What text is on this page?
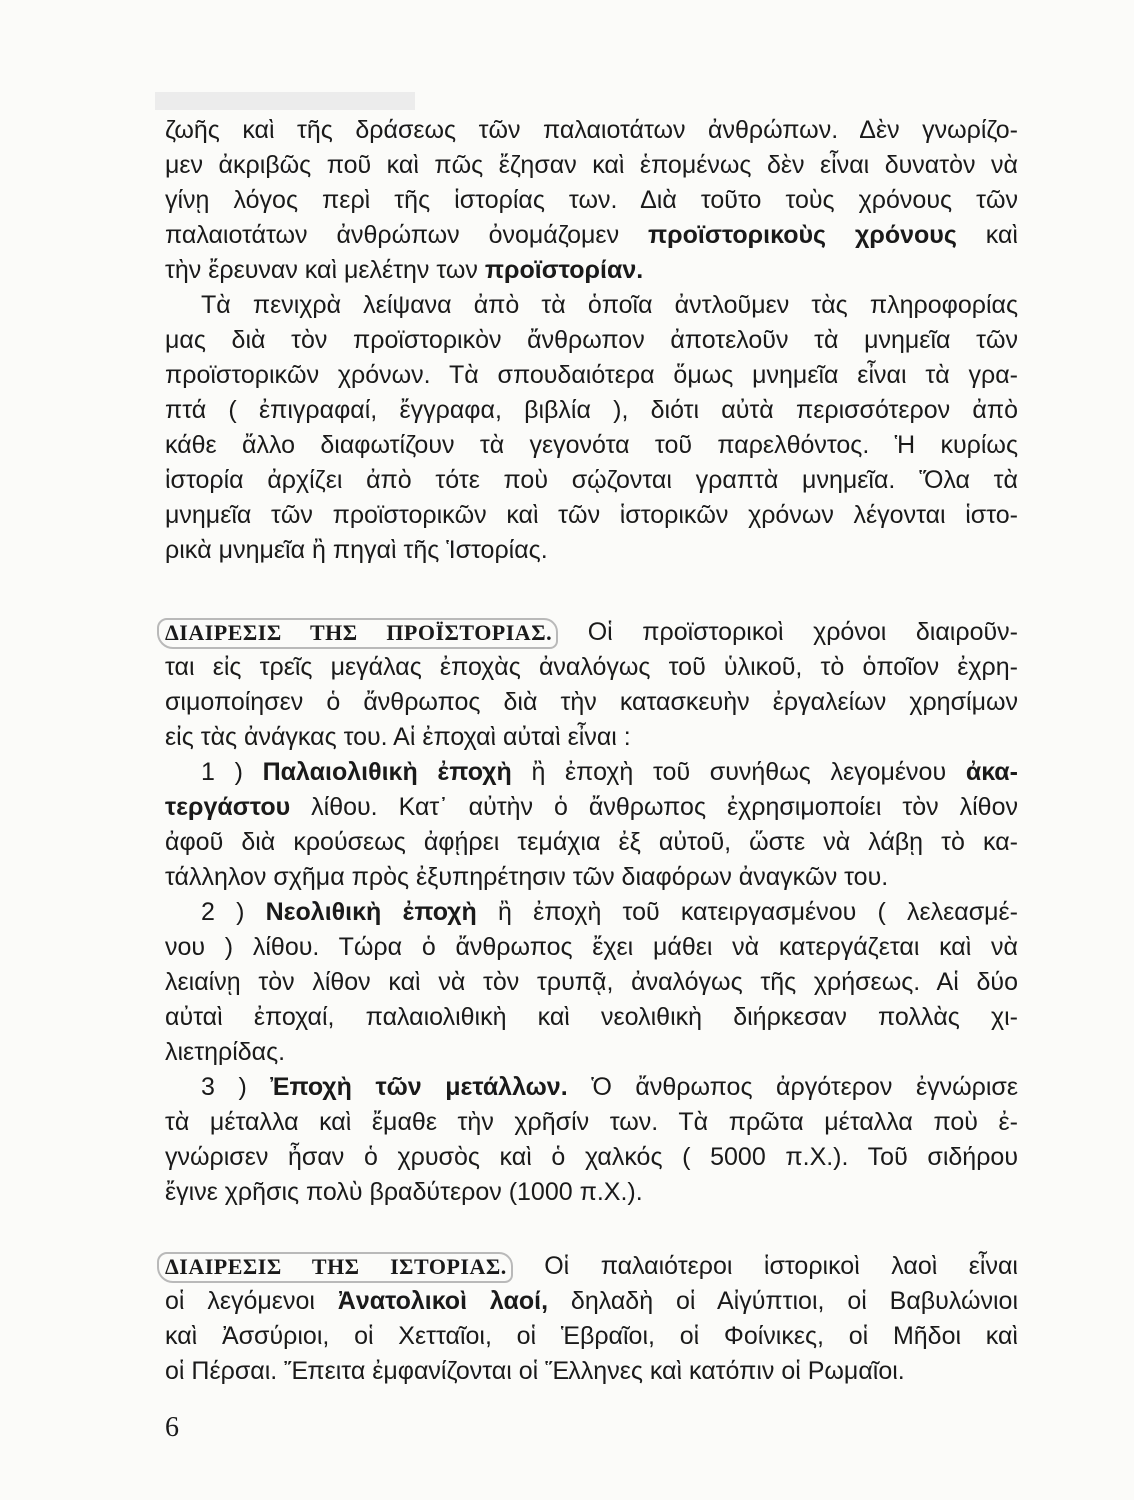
ζωῆς καὶ τῆς δράσεως τῶν παλαιοτάτων ἀνθρώπων. Δὲν γνωρίζο-
μεν ἀκριβῶς ποῦ καὶ πῶς ἔζησαν καὶ ἑπομένως δὲν εἶναι δυνατὸν νὰ
γίνῃ λόγος περὶ τῆς ἱστορίας των. Διὰ τοῦτο τοὺς χρόνους τῶν
παλαιοτάτων ἀνθρώπων ὀνομάζομεν προϊστορικοὺς χρόνους καὶ
τὴν ἔρευναν καὶ μελέτην των προϊστορίαν.
Τὰ πενιχρὰ λείψανα ἀπὸ τὰ ὁποῖα ἀντλοῦμεν τὰς πληροφορίας
μας διὰ τὸν προϊστορικὸν ἄνθρωπον ἀποτελοῦν τὰ μνημεῖα τῶν
προϊστορικῶν χρόνων. Τὰ σπουδαιότερα ὅμως μνημεῖα εἶναι τὰ γρα-
πτά ( ἐπιγραφαί, ἔγγραφα, βιβλία ), διότι αὐτὰ περισσότερον ἀπὸ
κάθε ἄλλο διαφωτίζουν τὰ γεγονότα τοῦ παρελθόντος. Ἡ κυρίως
ἱστορία ἀρχίζει ἀπὸ τότε ποὺ σῴζονται γραπτὰ μνημεῖα. Ὅλα τὰ
μνημεῖα τῶν προϊστορικῶν καὶ τῶν ἱστορικῶν χρόνων λέγονται ἱστο-
ρικὰ μνημεῖα ἢ πηγαὶ τῆς Ἱστορίας.
ΔΙΑΙΡΕΣΙΣ ΤΗΣ ΠΡΟΪΣΤΟΡΙΑΣ. Οἱ προϊστορικοὶ χρόνοι διαιροῦν-
ται εἰς τρεῖς μεγάλας ἐποχὰς ἀναλόγως τοῦ ὑλικοῦ, τὸ ὁποῖον ἐχρη-
σιμοποίησεν ὁ ἄνθρωπος διὰ τὴν κατασκευὴν ἐργαλείων χρησίμων
εἰς τὰς ἀνάγκας του. Αἱ ἐποχαὶ αὐταὶ εἶναι :
1 ) Παλαιολιθικὴ ἐποχὴ ἢ ἐποχὴ τοῦ συνήθως λεγομένου ἀκα-
τεργάστου λίθου. Κατ᾽ αὐτὴν ὁ ἄνθρωπος ἐχρησιμοποίει τὸν λίθον
ἀφοῦ διὰ κρούσεως ἀφῄρει τεμάχια ἐξ αὐτοῦ, ὥστε νὰ λάβῃ τὸ κα-
τάλληλον σχῆμα πρὸς ἐξυπηρέτησιν τῶν διαφόρων ἀναγκῶν του.
2 ) Νεολιθικὴ ἐποχὴ ἢ ἐποχὴ τοῦ κατειργασμένου ( λελεασμέ-
νου ) λίθου. Τώρα ὁ ἄνθρωπος ἔχει μάθει νὰ κατεργάζεται καὶ νὰ
λειαίνῃ τὸν λίθον καὶ νὰ τὸν τρυπᾷ, ἀναλόγως τῆς χρήσεως. Αἱ δύο
αὐταὶ ἐποχαί, παλαιολιθικὴ καὶ νεολιθικὴ διήρκεσαν πολλὰς χι-
λιετηρίδας.
3 ) Ἐποχὴ τῶν μετάλλων. Ὁ ἄνθρωπος ἀργότερον ἐγνώρισε
τὰ μέταλλα καὶ ἔμαθε τὴν χρῆσίν των. Τὰ πρῶτα μέταλλα ποὺ ἐ-
γνώρισεν ἦσαν ὁ χρυσὸς καὶ ὁ χαλκός ( 5000 π.Χ.). Τοῦ σιδήρου
ἔγινε χρῆσις πολὺ βραδύτερον (1000 π.Χ.).
ΔΙΑΙΡΕΣΙΣ ΤΗΣ ΙΣΤΟΡΙΑΣ. Οἱ παλαιότεροι ἱστορικοὶ λαοὶ εἶναι
οἱ λεγόμενοι Ἀνατολικοὶ λαοί, δηλαδὴ οἱ Αἰγύπτιοι, οἱ Βαβυλώνιοι
καὶ Ἀσσύριοι, οἱ Χετταῖοι, οἱ Ἑβραῖοι, οἱ Φοίνικες, οἱ Μῆδοι καὶ
οἱ Πέρσαι. Ἔπειτα ἐμφανίζονται οἱ Ἕλληνες καὶ κατόπιν οἱ Ρωμαῖοι.
6
